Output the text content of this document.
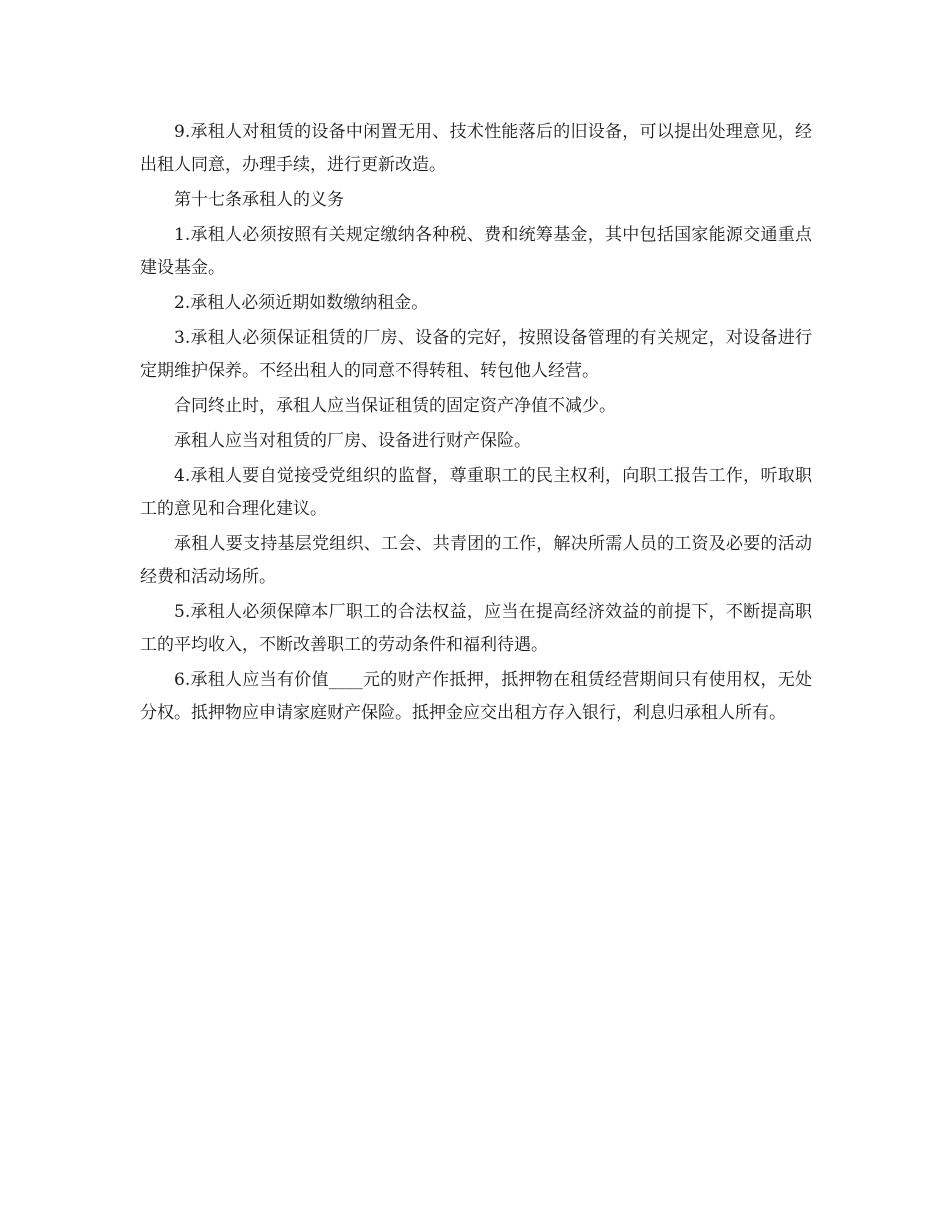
9.承租人对租赁的设备中闲置无用、技术性能落后的旧设备，可以提出处理意见，经出租人同意，办理手续，进行更新改造。

第十七条承租人的义务

1.承租人必须按照有关规定缴纳各种税、费和统筹基金，其中包括国家能源交通重点建设基金。

2.承租人必须近期如数缴纳租金。

3.承租人必须保证租赁的厂房、设备的完好，按照设备管理的有关规定，对设备进行定期维护保养。不经出租人的同意不得转租、转包他人经营。

合同终止时，承租人应当保证租赁的固定资产净值不减少。

承租人应当对租赁的厂房、设备进行财产保险。

4.承租人要自觉接受党组织的监督，尊重职工的民主权利，向职工报告工作，听取职工的意见和合理化建议。

承租人要支持基层党组织、工会、共青团的工作，解决所需人员的工资及必要的活动经费和活动场所。

5.承租人必须保障本厂职工的合法权益，应当在提高经济效益的前提下，不断提高职工的平均收入，不断改善职工的劳动条件和福利待遇。

6.承租人应当有价值____元的财产作抵押，抵押物在租赁经营期间只有使用权，无处分权。抵押物应申请家庭财产保险。抵押金应交出租方存入银行，利息归承租人所有。
